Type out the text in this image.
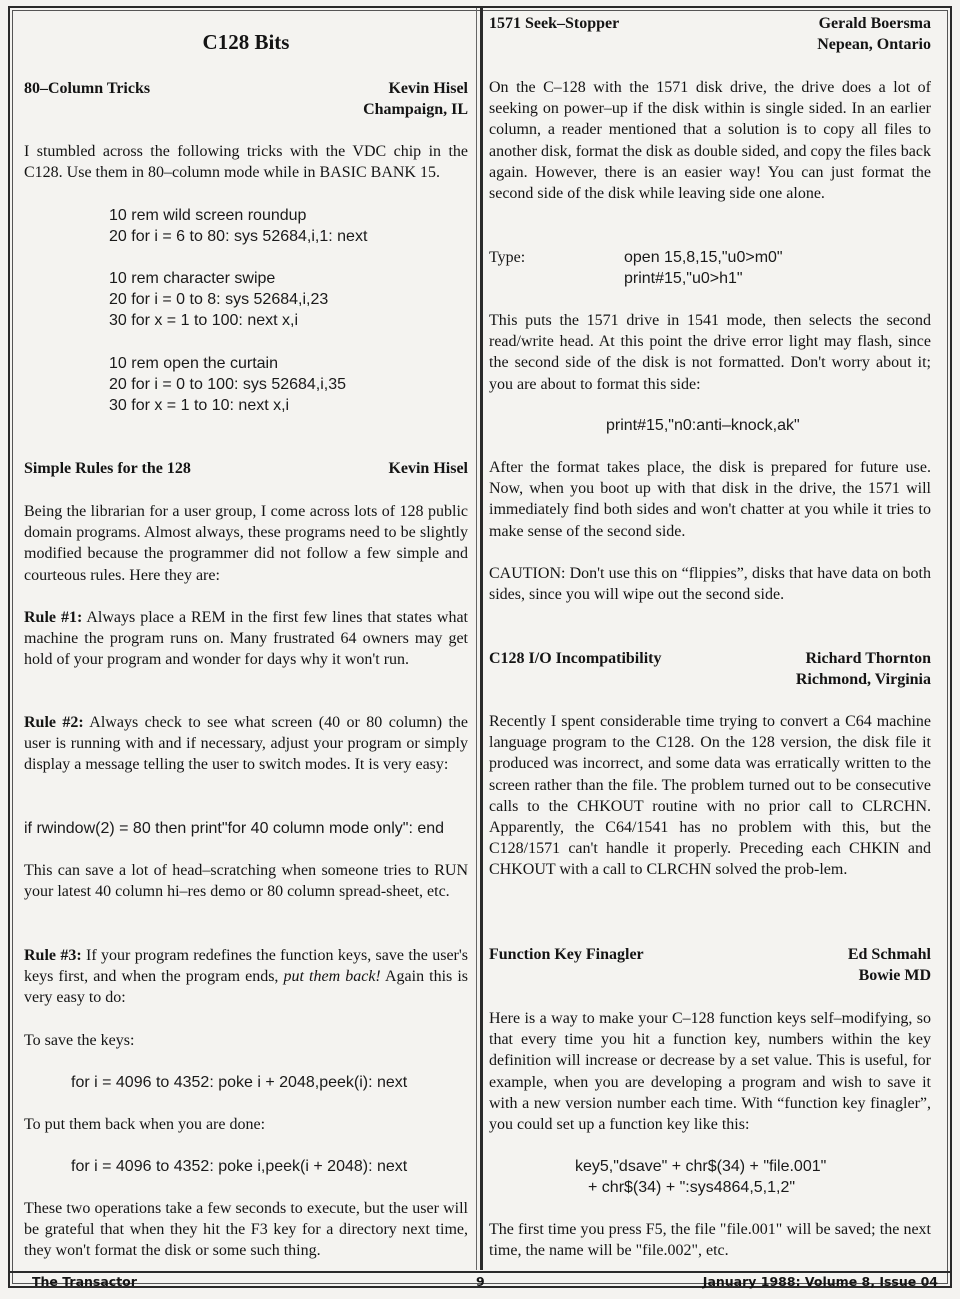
C128 Bits
80–Column Tricks	Kevin Hisel
Champaign, IL

I stumbled across the following tricks with the VDC chip in the C128. Use them in 80–column mode while in BASIC BANK 15.

10 rem wild screen roundup
20 for i = 6 to 80: sys 52684,i,1: next
10 rem character swipe
20 for i = 0 to 8: sys 52684,i,23
30 for x = 1 to 100: next x,i
10 rem open the curtain
20 for i = 0 to 100: sys 52684,i,35
30 for x = 1 to 10: next x,i
Simple Rules for the 128	Kevin Hisel

Being the librarian for a user group, I come across lots of 128 public domain programs. Almost always, these programs need to be slightly modified because the programmer did not follow a few simple and courteous rules. Here they are:

Rule #1: Always place a REM in the first few lines that states what machine the program runs on. Many frustrated 64 owners may get hold of your program and wonder for days why it won't run.

Rule #2: Always check to see what screen (40 or 80 column) the user is running with and if necessary, adjust your program or simply display a message telling the user to switch modes. It is very easy:

if rwindow(2) = 80 then print"for 40 column mode only": end

This can save a lot of head–scratching when someone tries to RUN your latest 40 column hi–res demo or 80 column spread-sheet, etc.

Rule #3: If your program redefines the function keys, save the user's keys first, and when the program ends, put them back! Again this is very easy to do:

To save the keys:

for i = 4096 to 4352: poke i + 2048,peek(i): next

To put them back when you are done:

for i = 4096 to 4352: poke i,peek(i + 2048): next

These two operations take a few seconds to execute, but the user will be grateful that when they hit the F3 key for a directory next time, they won't format the disk or some such thing.

1571 Seek–Stopper	Gerald Boersma
Nepean, Ontario

On the C–128 with the 1571 disk drive, the drive does a lot of seeking on power–up if the disk within is single sided. In an earlier column, a reader mentioned that a solution is to copy all files to another disk, format the disk as double sided, and copy the files back again. However, there is an easier way! You can just format the second side of the disk while leaving side one alone.

Type:	open 15,8,15,"u0>m0"
print#15,"u0>h1"

This puts the 1571 drive in 1541 mode, then selects the second read/write head. At this point the drive error light may flash, since the second side of the disk is not formatted. Don't worry about it; you are about to format this side:

print#15,"n0:anti–knock,ak"

After the format takes place, the disk is prepared for future use. Now, when you boot up with that disk in the drive, the 1571 will immediately find both sides and won't chatter at you while it tries to make sense of the second side.

CAUTION: Don't use this on “flippies”, disks that have data on both sides, since you will wipe out the second side.

C128 I/O Incompatibility	Richard Thornton
Richmond, Virginia

Recently I spent considerable time trying to convert a C64 machine language program to the C128. On the 128 version, the disk file it produced was incorrect, and some data was erratically written to the screen rather than the file. The problem turned out to be consecutive calls to the CHKOUT routine with no prior call to CLRCHN. Apparently, the C64/1541 has no problem with this, but the C128/1571 can't handle it properly. Preceding each CHKIN and CHKOUT with a call to CLRCHN solved the prob-lem.

Function Key Finagler	Ed Schmahl
Bowie MD

Here is a way to make your C–128 function keys self–modifying, so that every time you hit a function key, numbers within the key definition will increase or decrease by a set value. This is useful, for example, when you are developing a program and wish to save it with a new version number each time. With “function key finagler”, you could set up a function key like this:

key5,"dsave" + chr$(34) + "file.001"
+ chr$(34) + ":sys4864,5,1,2"

The first time you press F5, the file "file.001" will be saved; the next time, the name will be "file.002", etc.

The Transactor	9	January 1988: Volume 8, Issue 04
